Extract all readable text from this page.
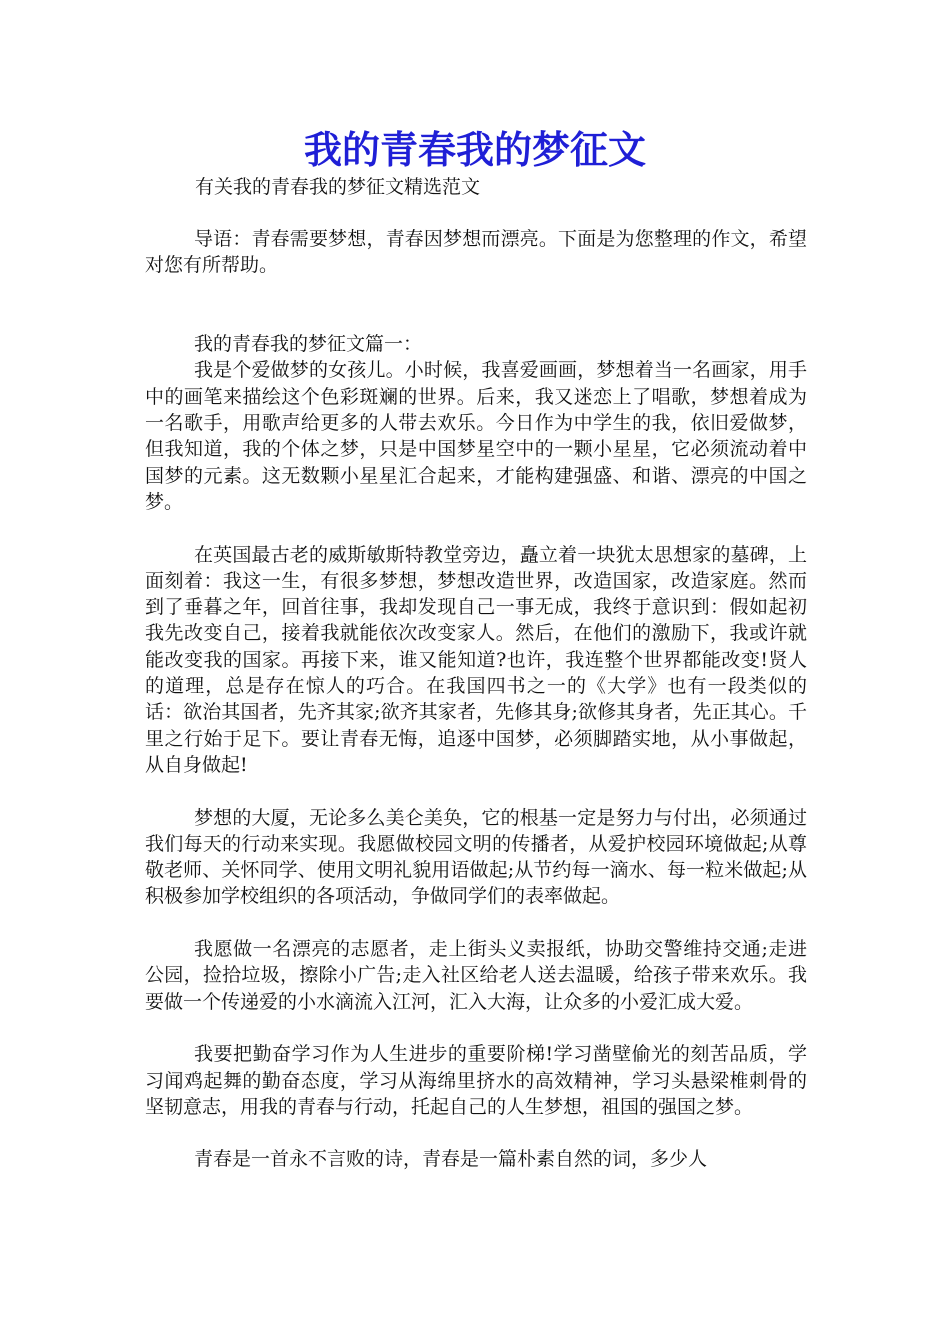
我的青春我的梦征文

有关我的青春我的梦征文精选范文

导语：青春需要梦想，青春因梦想而漂亮。下面是为您整理的作文，希望对您有所帮助。

我的青春我的梦征文篇一：

我是个爱做梦的女孩儿。小时候，我喜爱画画，梦想着当一名画家，用手中的画笔来描绘这个色彩斑斓的世界。后来，我又迷恋上了唱歌，梦想着成为一名歌手，用歌声给更多的人带去欢乐。今日作为中学生的我，依旧爱做梦，但我知道，我的个体之梦，只是中国梦星空中的一颗小星星，它必须流动着中国梦的元素。这无数颗小星星汇合起来，才能构建强盛、和谐、漂亮的中国之梦。

在英国最古老的威斯敏斯特教堂旁边，矗立着一块犹太思想家的墓碑，上面刻着：我这一生，有很多梦想，梦想改造世界，改造国家，改造家庭。然而到了垂暮之年，回首往事，我却发现自己一事无成，我终于意识到：假如起初我先改变自己，接着我就能依次改变家人。然后，在他们的激励下，我或许就能改变我的国家。再接下来，谁又能知道?也许，我连整个世界都能改变!贤人的道理，总是存在惊人的巧合。在我国四书之一的《大学》也有一段类似的话：欲治其国者，先齐其家;欲齐其家者，先修其身;欲修其身者，先正其心。千里之行始于足下。要让青春无悔，追逐中国梦，必须脚踏实地，从小事做起，从自身做起!

梦想的大厦，无论多么美仑美奂，它的根基一定是努力与付出，必须通过我们每天的行动来实现。我愿做校园文明的传播者，从爱护校园环境做起;从尊敬老师、关怀同学、使用文明礼貌用语做起;从节约每一滴水、每一粒米做起;从积极参加学校组织的各项活动，争做同学们的表率做起。

我愿做一名漂亮的志愿者，走上街头义卖报纸，协助交警维持交通;走进公园，捡拾垃圾，擦除小广告;走入社区给老人送去温暖，给孩子带来欢乐。我要做一个传递爱的小水滴流入江河，汇入大海，让众多的小爱汇成大爱。

我要把勤奋学习作为人生进步的重要阶梯!学习凿壁偷光的刻苦品质，学习闻鸡起舞的勤奋态度，学习从海绵里挤水的高效精神，学习头悬梁椎刺骨的坚韧意志，用我的青春与行动，托起自己的人生梦想，祖国的强国之梦。

青春是一首永不言败的诗，青春是一篇朴素自然的词，多少人
